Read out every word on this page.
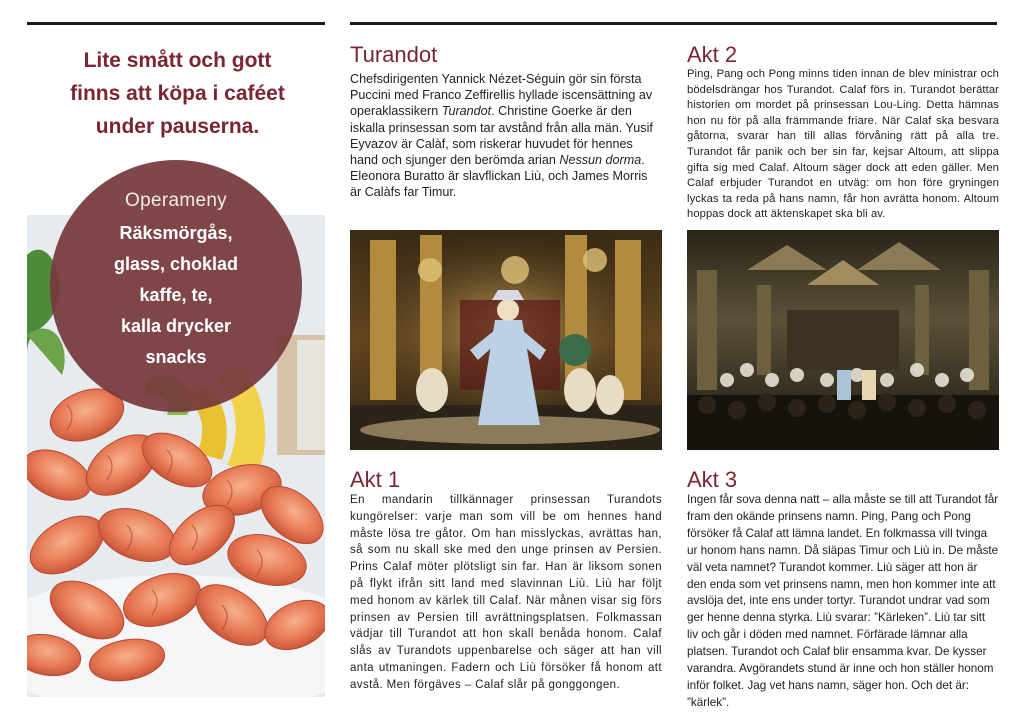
Lite smått och gott
finns att köpa i caféet
under pauserna.
Operameny
Räksmörgås,
glass, choklad
kaffe, te,
kalla drycker
snacks
Turandot
Chefsdirigenten Yannick Nézet-Séguin gör sin första Puccini med Franco Zeffirellis hyllade iscensättning av operaklassikern Turandot. Christine Goerke är den iskalla prinsessan som tar avstånd från alla män. Yusif Eyvazov är Calàf, som riskerar huvudet för hennes hand och sjunger den berömda arian Nessun dorma. Eleonora Buratto är slavflickan Liù, och James Morris är Calàfs far Timur.
Akt 2
Ping, Pang och Pong minns tiden innan de blev ministrar och bödelsdrängar hos Turandot. Calaf förs in. Turandot berättar historien om mordet på prinsessan Lou-Ling. Detta hämnas hon nu för på alla främmande friare. När Calaf ska besvara gåtorna, svarar han till allas förvåning rätt på alla tre. Turandot får panik och ber sin far, kejsar Altoum, att slippa gifta sig med Calaf. Altoum säger dock att eden gäller. Men Calaf erbjuder Turandot en utväg: om hon före gryningen lyckas ta reda på hans namn, får hon avrätta honom. Altoum hoppas dock att äktenskapet ska bli av.
Akt 1
En mandarin tillkännager prinsessan Turandots kungörelser: varje man som vill be om hennes hand måste lösa tre gåtor. Om han misslyckas, avrättas han, så som nu skall ske med den unge prinsen av Persien. Prins Calaf möter plötsligt sin far. Han är liksom sonen på flykt ifrån sitt land med slavinnan Liù. Liù har följt med honom av kärlek till Calaf. När månen visar sig förs prinsen av Persien till avrättningsplatsen. Folkmassan vädjar till Turandot att hon skall benåda honom. Calaf slås av Turandots uppenbarelse och säger att han vill anta utmaningen. Fadern och Liù försöker få honom att avstå. Men förgäves – Calaf slår på gonggongen.
Akt 3
Ingen får sova denna natt – alla måste se till att Turandot får fram den okände prinsens namn. Ping, Pang och Pong försöker få Calaf att lämna landet. En folkmassa vill tvinga ur honom hans namn. Då släpas Timur och Liù in. De måste väl veta namnet? Turandot kommer. Liù säger att hon är den enda som vet prinsens namn, men hon kommer inte att avslöja det, inte ens under tortyr. Turandot undrar vad som ger henne denna styrka. Liù svarar: ”Kärleken”. Liù tar sitt liv och går i döden med namnet. Förfärade lämnar alla platsen. Turandot och Calaf blir ensamma kvar. De kysser varandra. Avgörandets stund är inne och hon ställer honom inför folket. Jag vet hans namn, säger hon. Och det är: ”kärlek”.
